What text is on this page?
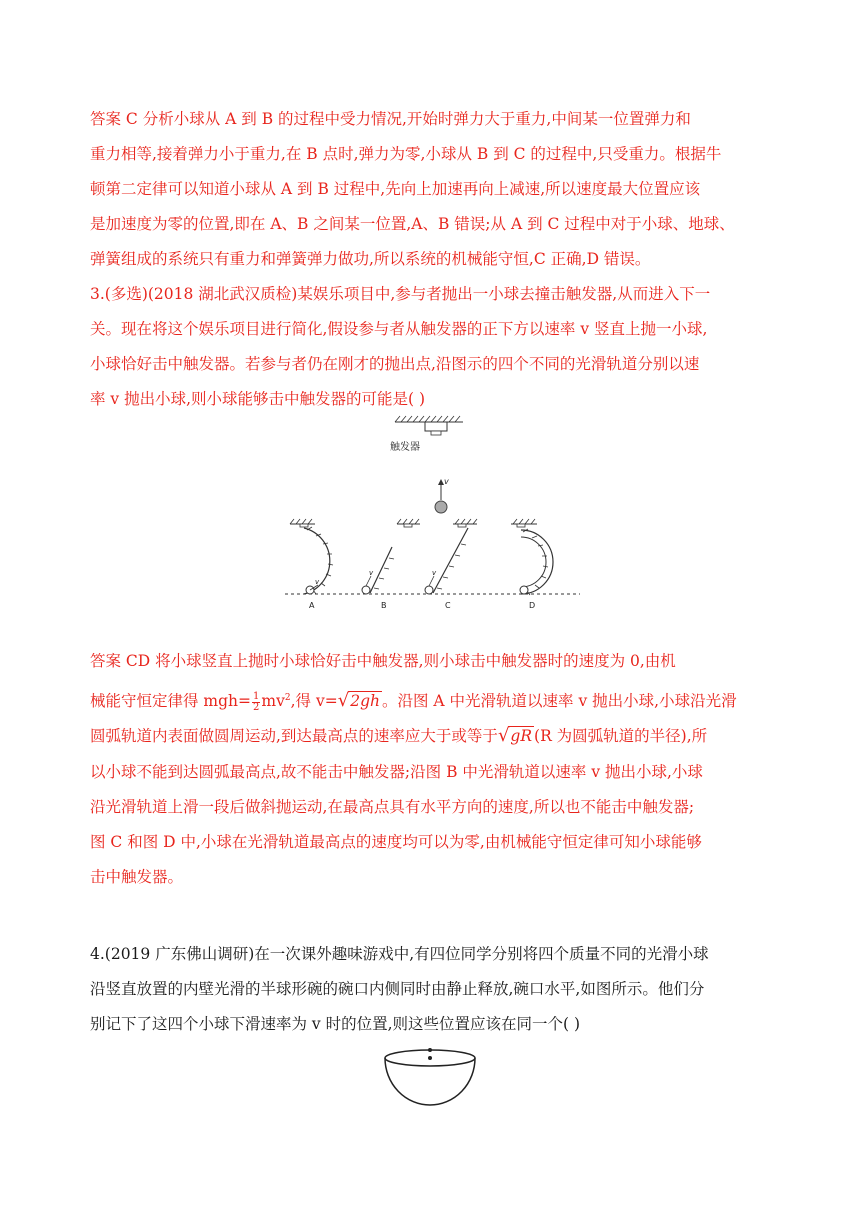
答案 C 分析小球从 A 到 B 的过程中受力情况,开始时弹力大于重力,中间某一位置弹力和
重力相等,接着弹力小于重力,在 B 点时,弹力为零,小球从 B 到 C 的过程中,只受重力。根据牛
顿第二定律可以知道小球从 A 到 B 过程中,先向上加速再向上减速,所以速度最大位置应该
是加速度为零的位置,即在 A、B 之间某一位置,A、B 错误;从 A 到 C 过程中对于小球、地球、
弹簧组成的系统只有重力和弹簧弹力做功,所以系统的机械能守恒,C 正确,D 错误。
3.(多选)(2018 湖北武汉质检)某娱乐项目中,参与者抛出一小球去撞击触发器,从而进入下一
关。现在将这个娱乐项目进行简化,假设参与者从触发器的正下方以速率 v 竖直上抛一小球,
小球恰好击中触发器。若参与者仍在刚才的抛出点,沿图示的四个不同的光滑轨道分别以速
率 v 抛出小球,则小球能够击中触发器的可能是( )
触发器
v
v
A
v
B
v
C	D
答案 CD 将小球竖直上抛时小球恰好击中触发器,则小球击中触发器时的速度为 0,由机
械能守恒定律得 $mgh= \frac{1}{2} mv^2$,得 v=√2gh 。沿图 A 中光滑轨道以速率 v 抛出小球,小球沿光滑
圆弧轨道内表面做圆周运动,到达最高点的速率应大于或等于√gR (R 为圆弧轨道的半径),所
以小球不能到达圆弧最高点,故不能击中触发器;沿图 B 中光滑轨道以速率 v 抛出小球,小球
沿光滑轨道上滑一段后做斜抛运动,在最高点具有水平方向的速度,所以也不能击中触发器;
图 C 和图 D 中,小球在光滑轨道最高点的速度均可以为零,由机械能守恒定律可知小球能够
击中触发器。
4.(2019 广东佛山调研)在一次课外趣味游戏中,有四位同学分别将四个质量不同的光滑小球
沿竖直放置的内壁光滑的半球形碗的碗口内侧同时由静止释放,碗口水平,如图所示。他们分
别记下了这四个小球下滑速率为 v 时的位置,则这些位置应该在同一个( )
